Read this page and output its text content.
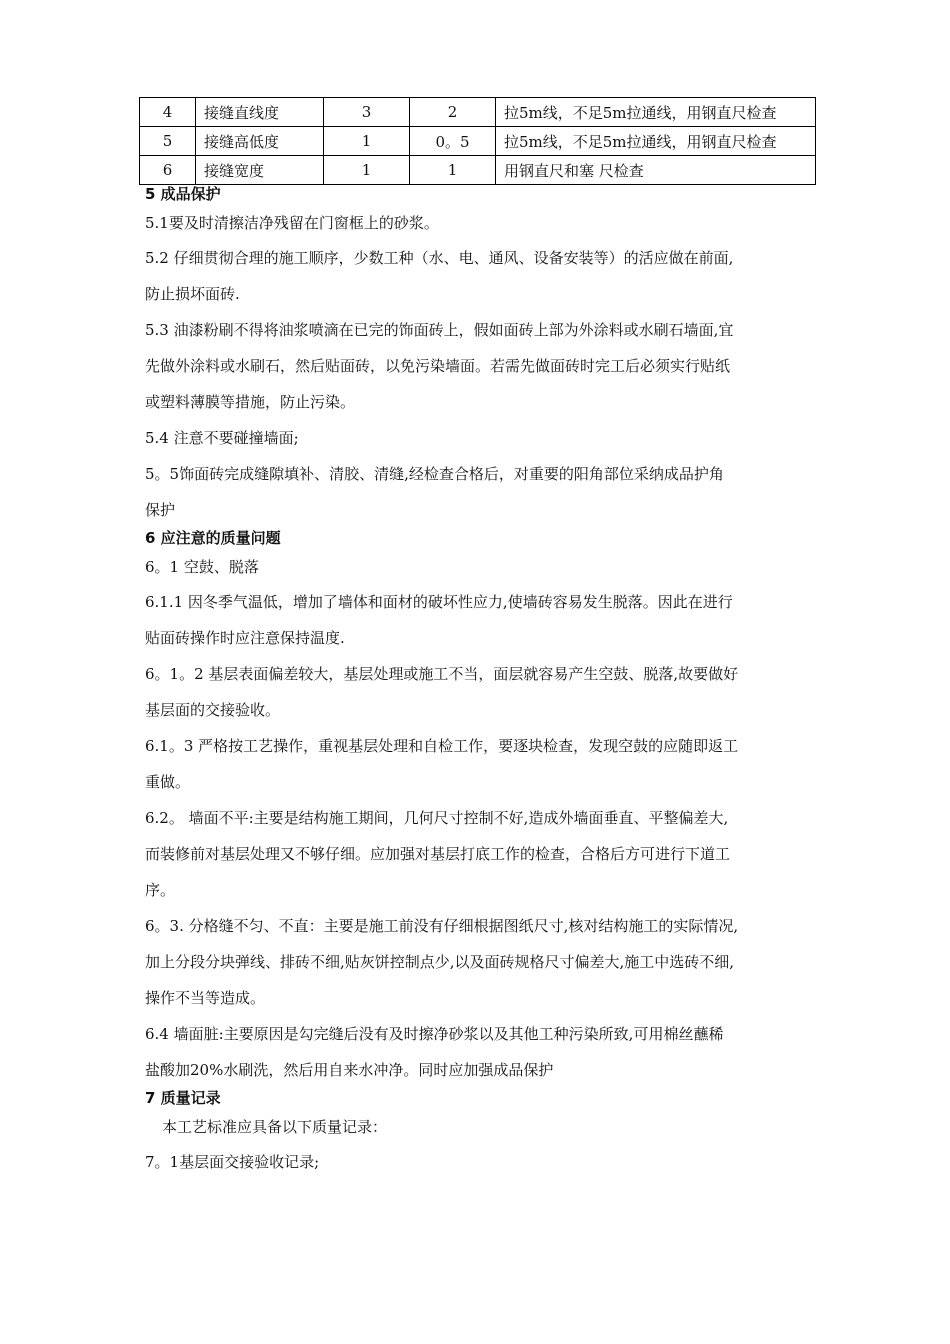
4	接缝直线度	3	2	拉5m线，不足5m拉通线，用钢直尺检查
5	接缝高低度	1	0。5	拉5m线，不足5m拉通线，用钢直尺检查
6	接缝宽度	1	1	用钢直尺和塞 尺检查
5 成品保护
5.1要及时清擦洁净残留在门窗框上的砂浆。
5.2 仔细贯彻合理的施工顺序，少数工种（水、电、通风、设备安装等）的活应做在前面,
防止损坏面砖.
5.3 油漆粉刷不得将油浆喷滴在已完的饰面砖上，假如面砖上部为外涂料或水刷石墙面,宜
先做外涂料或水刷石，然后贴面砖，以免污染墙面。若需先做面砖时完工后必须实行贴纸
或塑料薄膜等措施，防止污染。
5.4 注意不要碰撞墙面;
5。5饰面砖完成缝隙填补、清胶、清缝,经检查合格后，对重要的阳角部位采纳成品护角
保护
6 应注意的质量问题
6。1 空鼓、脱落
6.1.1 因冬季气温低，增加了墙体和面材的破坏性应力,使墙砖容易发生脱落。因此在进行
贴面砖操作时应注意保持温度.
6。1。2 基层表面偏差较大，基层处理或施工不当，面层就容易产生空鼓、脱落,故要做好
基层面的交接验收。
6.1。3 严格按工艺操作，重视基层处理和自检工作，要逐块检查，发现空鼓的应随即返工
重做。
6.2。 墙面不平:主要是结构施工期间，几何尺寸控制不好,造成外墙面垂直、平整偏差大,
而装修前对基层处理又不够仔细。应加强对基层打底工作的检查，合格后方可进行下道工
序。
6。3. 分格缝不匀、不直：主要是施工前没有仔细根据图纸尺寸,核对结构施工的实际情况,
加上分段分块弹线、排砖不细,贴灰饼控制点少,以及面砖规格尺寸偏差大,施工中选砖不细,
操作不当等造成。
6.4 墙面脏:主要原因是勾完缝后没有及时擦净砂浆以及其他工种污染所致,可用棉丝蘸稀
盐酸加20%水刷洗，然后用自来水冲净。同时应加强成品保护
7 质量记录
本工艺标准应具备以下质量记录：
7。1基层面交接验收记录;
